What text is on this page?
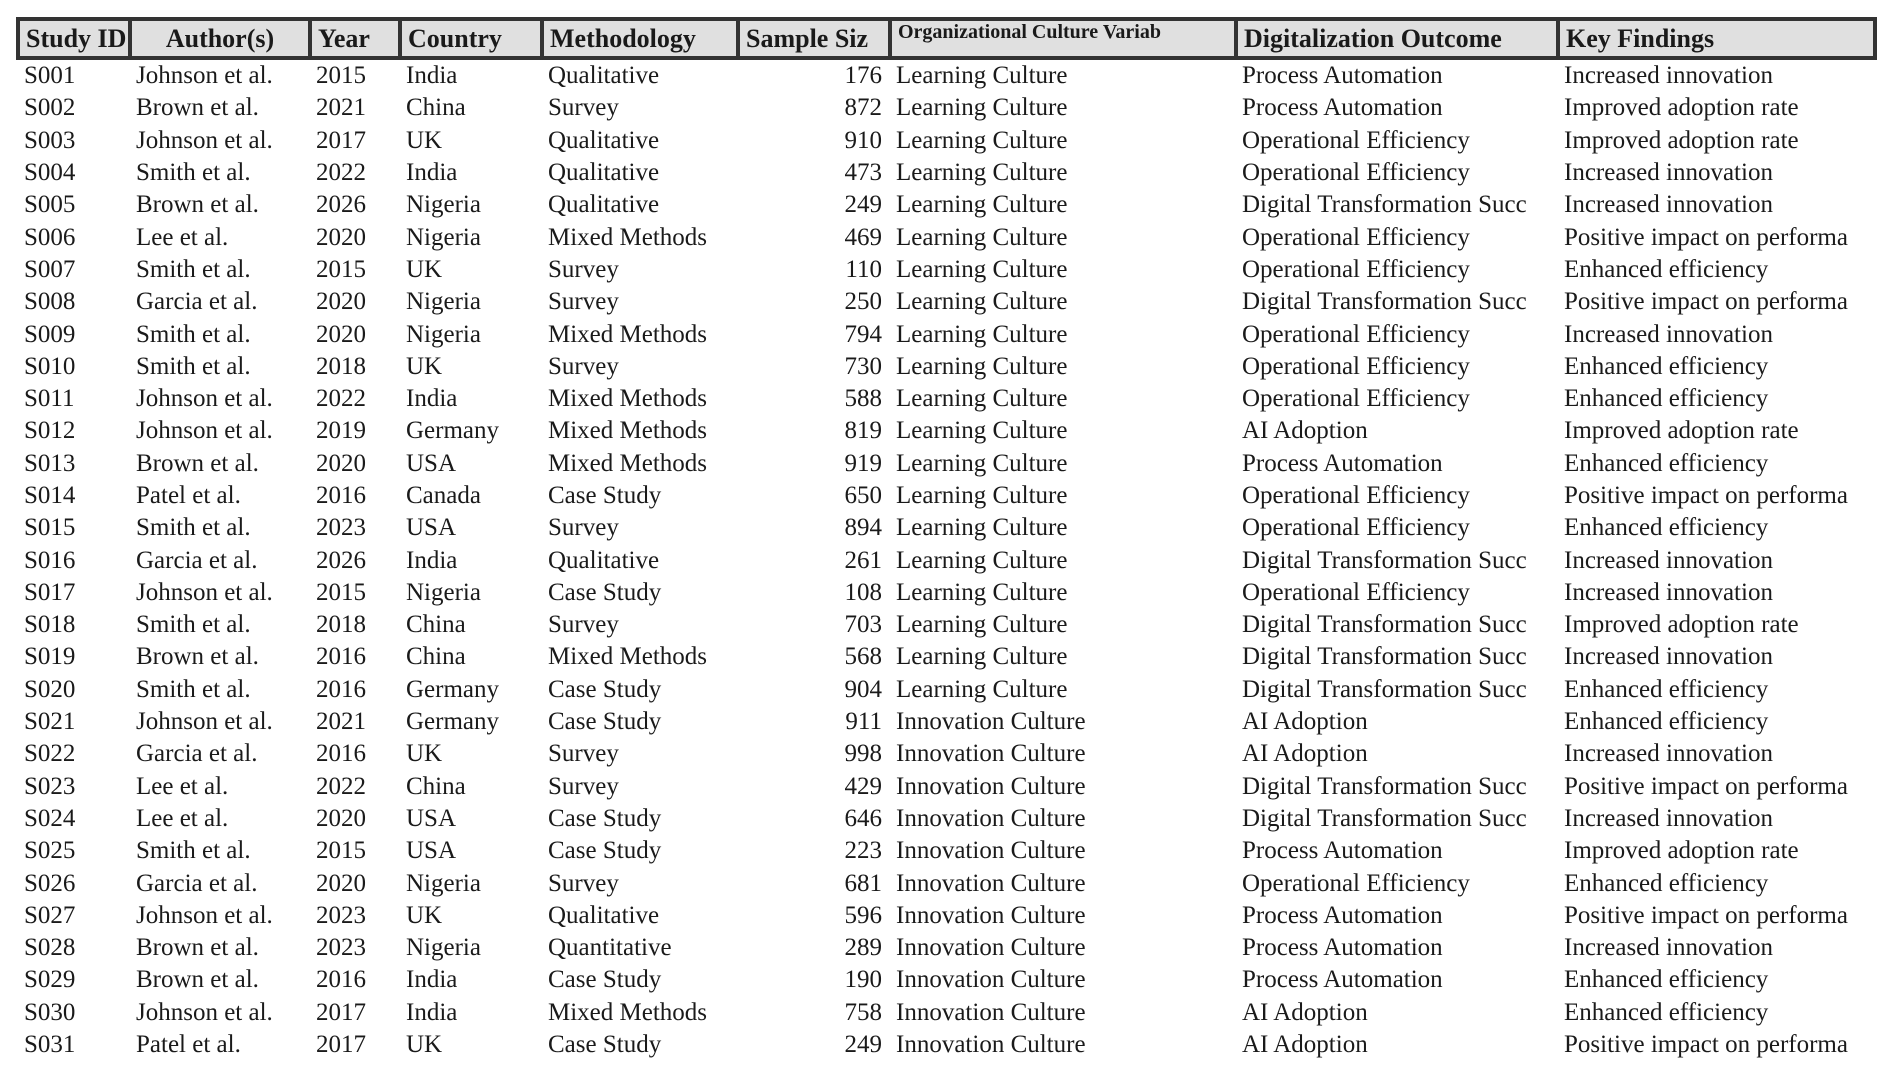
Study ID	Author(s)	Year	Country	Methodology	Sample Siz	Organizational Culture Variab	Digitalization Outcome	Key Findings
S001	Johnson et al.	2015	India	Qualitative	176	Learning Culture	Process Automation	Increased innovation
S002	Brown et al.	2021	China	Survey	872	Learning Culture	Process Automation	Improved adoption rate
S003	Johnson et al.	2017	UK	Qualitative	910	Learning Culture	Operational Efficiency	Improved adoption rate
S004	Smith et al.	2022	India	Qualitative	473	Learning Culture	Operational Efficiency	Increased innovation
S005	Brown et al.	2026	Nigeria	Qualitative	249	Learning Culture	Digital Transformation Succ	Increased innovation
S006	Lee et al.	2020	Nigeria	Mixed Methods	469	Learning Culture	Operational Efficiency	Positive impact on performa
S007	Smith et al.	2015	UK	Survey	110	Learning Culture	Operational Efficiency	Enhanced efficiency
S008	Garcia et al.	2020	Nigeria	Survey	250	Learning Culture	Digital Transformation Succ	Positive impact on performa
S009	Smith et al.	2020	Nigeria	Mixed Methods	794	Learning Culture	Operational Efficiency	Increased innovation
S010	Smith et al.	2018	UK	Survey	730	Learning Culture	Operational Efficiency	Enhanced efficiency
S011	Johnson et al.	2022	India	Mixed Methods	588	Learning Culture	Operational Efficiency	Enhanced efficiency
S012	Johnson et al.	2019	Germany	Mixed Methods	819	Learning Culture	AI Adoption	Improved adoption rate
S013	Brown et al.	2020	USA	Mixed Methods	919	Learning Culture	Process Automation	Enhanced efficiency
S014	Patel et al.	2016	Canada	Case Study	650	Learning Culture	Operational Efficiency	Positive impact on performa
S015	Smith et al.	2023	USA	Survey	894	Learning Culture	Operational Efficiency	Enhanced efficiency
S016	Garcia et al.	2026	India	Qualitative	261	Learning Culture	Digital Transformation Succ	Increased innovation
S017	Johnson et al.	2015	Nigeria	Case Study	108	Learning Culture	Operational Efficiency	Increased innovation
S018	Smith et al.	2018	China	Survey	703	Learning Culture	Digital Transformation Succ	Improved adoption rate
S019	Brown et al.	2016	China	Mixed Methods	568	Learning Culture	Digital Transformation Succ	Increased innovation
S020	Smith et al.	2016	Germany	Case Study	904	Learning Culture	Digital Transformation Succ	Enhanced efficiency
S021	Johnson et al.	2021	Germany	Case Study	911	Innovation Culture	AI Adoption	Enhanced efficiency
S022	Garcia et al.	2016	UK	Survey	998	Innovation Culture	AI Adoption	Increased innovation
S023	Lee et al.	2022	China	Survey	429	Innovation Culture	Digital Transformation Succ	Positive impact on performa
S024	Lee et al.	2020	USA	Case Study	646	Innovation Culture	Digital Transformation Succ	Increased innovation
S025	Smith et al.	2015	USA	Case Study	223	Innovation Culture	Process Automation	Improved adoption rate
S026	Garcia et al.	2020	Nigeria	Survey	681	Innovation Culture	Operational Efficiency	Enhanced efficiency
S027	Johnson et al.	2023	UK	Qualitative	596	Innovation Culture	Process Automation	Positive impact on performa
S028	Brown et al.	2023	Nigeria	Quantitative	289	Innovation Culture	Process Automation	Increased innovation
S029	Brown et al.	2016	India	Case Study	190	Innovation Culture	Process Automation	Enhanced efficiency
S030	Johnson et al.	2017	India	Mixed Methods	758	Innovation Culture	AI Adoption	Enhanced efficiency
S031	Patel et al.	2017	UK	Case Study	249	Innovation Culture	AI Adoption	Positive impact on performa
